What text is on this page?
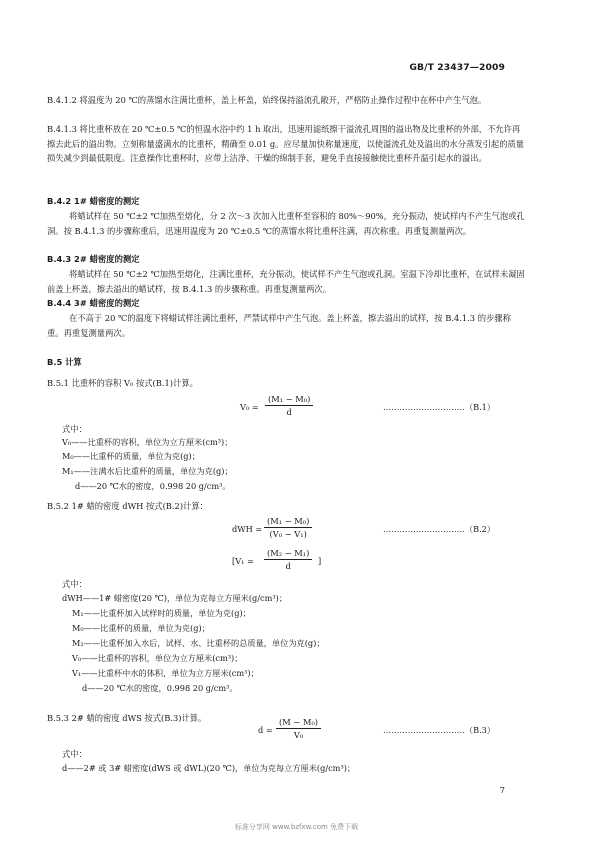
GB/T 23437—2009
B.4.1.2 将温度为 20 ℃的蒸馏水注满比重杯，盖上杯盖，始终保持溢流孔敞开，严格防止操作过程中在杯中产生气泡。
B.4.1.3 将比重杯放在 20 ℃±0.5 ℃的恒温水浴中约 1 h 取出，迅速用滤纸擦干溢流孔周围的溢出物及比重杯的外部，不允许再擦去此后的溢出物。立刻称量盛满水的比重杯，精确至 0.01 g。应尽量加快称量速度，以使溢流孔处及溢出的水分蒸发引起的质量损失减少到最低限度。注意操作比重杯时，应带上洁净、干燥的绵制手套，避免手直接接触使比重杯升温引起水的溢出。
B.4.2 1# 蜡密度的测定
将蜡试样在 50 ℃±2 ℃加热至熔化，分 2 次～3 次加入比重杯至容积的 80%～90%，充分振动，使试样内不产生气泡或孔洞。按 B.4.1.3 的步骤称重后，迅速用温度为 20 ℃±0.5 ℃的蒸馏水将比重杯注满，再次称重。再重复测量两次。
B.4.3 2# 蜡密度的测定
将蜡试样在 50 ℃±2 ℃加热至熔化，注满比重杯，充分振动，使试样不产生气泡或孔洞。室温下冷却比重杯，在试样未凝固前盖上杯盖，擦去溢出的蜡试样，按 B.4.1.3 的步骤称重。再重复测量两次。
B.4.4 3# 蜡密度的测定
在不高于 20 ℃的温度下将蜡试样注满比重杯，严禁试样中产生气泡。盖上杯盖，擦去溢出的试样，按 B.4.1.3 的步骤称重。再重复测量两次。
B.5 计算
B.5.1 比重杯的容积 V₀ 按式(B.1)计算。
$V_0 = \frac{\text{(M₁ − M₀)}}{d}$	…………………………（B.1）
式中：
V₀——比重杯的容积，单位为立方厘米(cm³)；
M₀——比重杯的质量，单位为克(g)；
M₁——注满水后比重杯的质量，单位为克(g)；
d——20 ℃水的密度，0.998 20 g/cm³。
B.5.2 1# 蜡的密度 dWH 按式(B.2)计算：
dWH = $\frac{\text{(M₁ − M₀)}}{\text{(V₀ − V₁)}}$	…………………………（B.2）
[$V_1 = \frac{\text{(M₂ − M₁)}}{d}$ ]
式中：
dWH——1# 蜡密度(20 ℃)，单位为克每立方厘米(g/cm³)；
M₁——比重杯加入试样时的质量，单位为克(g)；
M₀——比重杯的质量，单位为克(g)；
M₂——比重杯加入水后，试样、水、比重杯的总质量，单位为克(g)；
V₀——比重杯的容积，单位为立方厘米(cm³)；
V₁——比重杯中水的体积，单位为立方厘米(cm³)；
d——20 ℃水的密度，0.998 20 g/cm³。
B.5.3 2# 蜡的密度 dWS 按式(B.3)计算。
$d = \frac{\text{(M − M₀)}}{\text{V₀}}$	…………………………（B.3）
式中：
d——2# 或 3# 蜡密度(dWS 或 dWL)(20 ℃)，单位为克每立方厘米(g/cm³)；
7
标准分享网 www.bzfxw.com 免费下载
